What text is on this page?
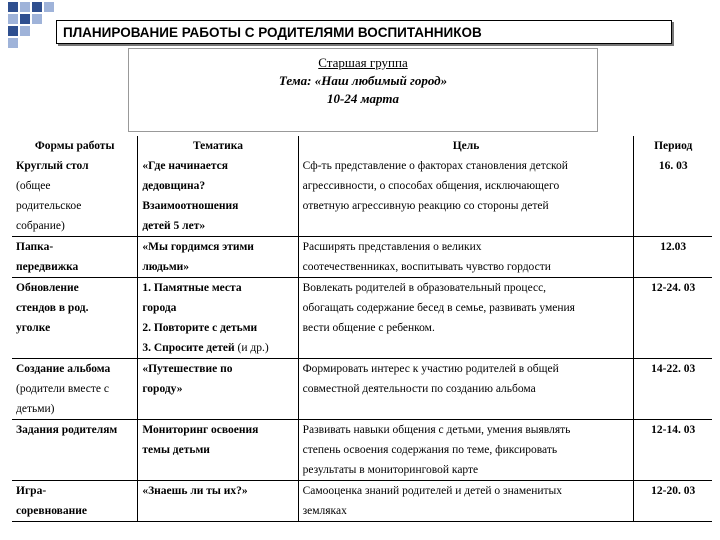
ПЛАНИРОВАНИЕ РАБОТЫ С РОДИТЕЛЯМИ ВОСПИТАННИКОВ
Старшая группа
Тема: «Наш любимый город»
10-24 марта
Формы работы	Тематика	Цель	Период

Круглый стол
(общее
родительское
собрание)	«Где начинается
дедовщина?
Взаимоотношения
детей 5 лет»	Сф-ть представление о факторах становления детской
агрессивности, о способах общения, исключающего
ответную агрессивную реакцию со стороны детей	16. 03

Папка-
передвижка	«Мы гордимся этими
людьми»	Расширять представления о великих
соотечественниках, воспитывать чувство гордости	12.03

Обновление
стендов в род.
уголке	1. Памятные места
города
2. Повторите с детьми
3. Спросите детей (и др.)	Вовлекать родителей в образовательный процесс,
обогащать содержание бесед в семье, развивать умения
вести общение с ребенком.	12-24. 03

Создание альбома
(родители вместе с
детьми)	«Путешествие по
городу»	Формировать интерес к участию родителей в общей
совместной деятельности по созданию альбома	14-22. 03

Задания родителям	Мониторинг освоения
темы детьми	Развивать навыки общения с детьми, умения выявлять
степень освоения содержания по теме, фиксировать
результаты в мониторинговой карте	12-14. 03

Игра-
соревнование	«Знаешь ли ты их?»	Самооценка знаний родителей и детей о знаменитых
земляках	12-20. 03
